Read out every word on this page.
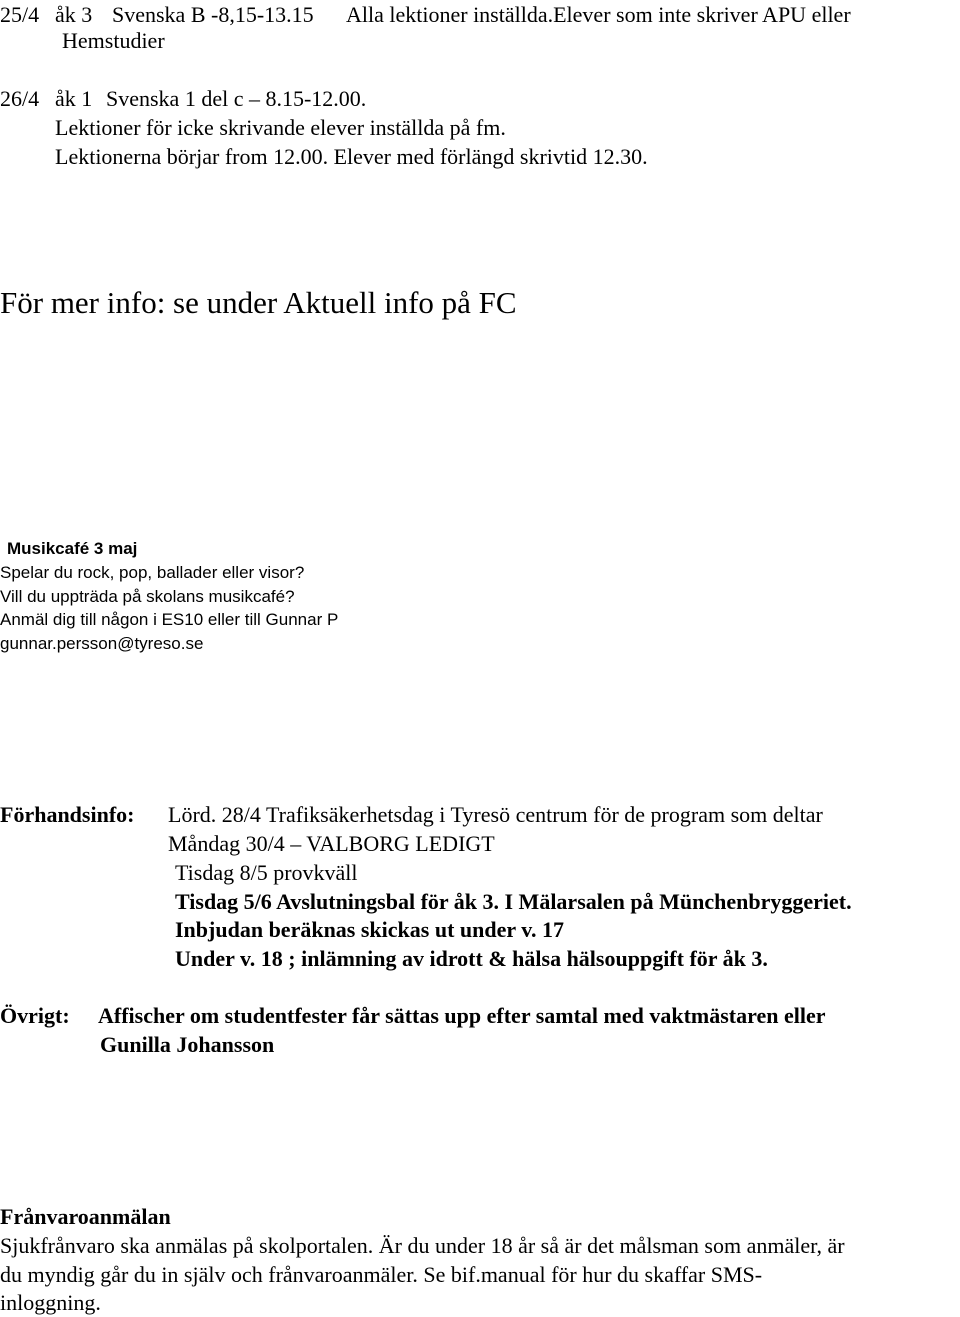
25/4 åk 3 Svenska B -8,15-13.15 Alla lektioner inställda.Elever som inte skriver APU eller
Hemstudier
26/4 åk 1 Svenska 1 del c – 8.15-12.00.
Lektioner för icke skrivande elever inställda på fm.
Lektionerna börjar from 12.00. Elever med förlängd skrivtid 12.30.
För mer info: se under Aktuell info på FC
Musikcafé 3 maj
Spelar du rock, pop, ballader eller visor?
Vill du uppträda på skolans musikcafé?
Anmäl dig till någon i ES10 eller till Gunnar P
gunnar.persson@tyreso.se
Förhandsinfo: Lörd. 28/4 Trafiksäkerhetsdag i Tyresö centrum för de program som deltar
Måndag 30/4 – VALBORG LEDIGT
Tisdag 8/5 provkväll
Tisdag 5/6 Avslutningsbal för åk 3. I Mälarsalen på Münchenbryggeriet.
Inbjudan beräknas skickas ut under v. 17
Under v. 18 ; inlämning av idrott & hälsa hälsouppgift för åk 3.
Övrigt: Affischer om studentfester får sättas upp efter samtal med vaktmästaren eller
Gunilla Johansson
Frånvaroanmälan
Sjukfrånvaro ska anmälas på skolportalen. Är du under 18 år så är det målsman som anmäler, är
du myndig går du in själv och frånvaroanmäler. Se bif.manual för hur du skaffar SMS-
inloggning.
